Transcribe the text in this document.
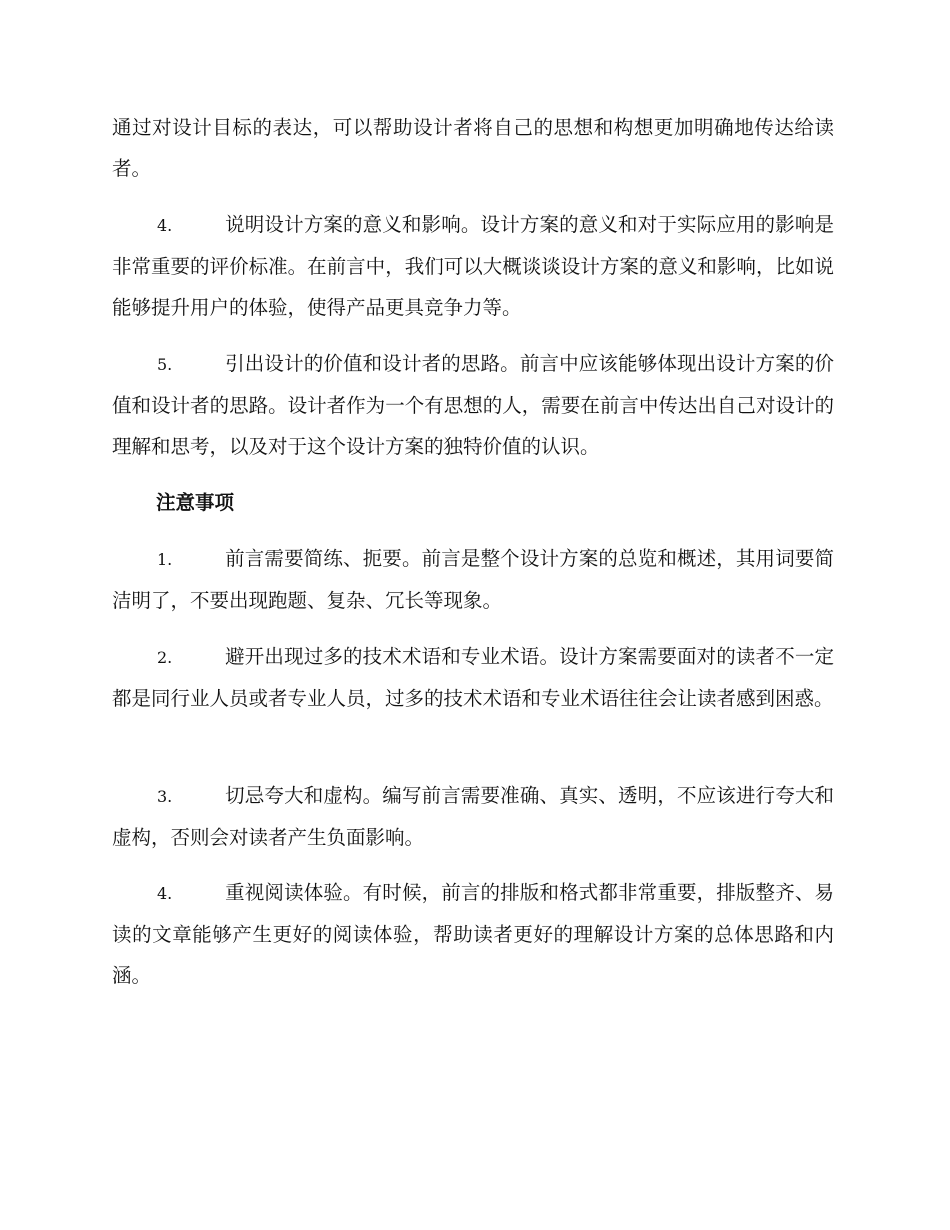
通过对设计目标的表达，可以帮助设计者将自己的思想和构想更加明确地传达给读者。

4.	说明设计方案的意义和影响。设计方案的意义和对于实际应用的影响是非常重要的评价标准。在前言中，我们可以大概谈谈设计方案的意义和影响，比如说能够提升用户的体验，使得产品更具竞争力等。

5.	引出设计的价值和设计者的思路。前言中应该能够体现出设计方案的价值和设计者的思路。设计者作为一个有思想的人，需要在前言中传达出自己对设计的理解和思考，以及对于这个设计方案的独特价值的认识。

注意事项

1.	前言需要简练、扼要。前言是整个设计方案的总览和概述，其用词要简洁明了，不要出现跑题、复杂、冗长等现象。

2.	避开出现过多的技术术语和专业术语。设计方案需要面对的读者不一定都是同行业人员或者专业人员，过多的技术术语和专业术语往往会让读者感到困惑。

3.	切忌夸大和虚构。编写前言需要准确、真实、透明，不应该进行夸大和虚构，否则会对读者产生负面影响。

4.	重视阅读体验。有时候，前言的排版和格式都非常重要，排版整齐、易读的文章能够产生更好的阅读体验，帮助读者更好的理解设计方案的总体思路和内涵。
